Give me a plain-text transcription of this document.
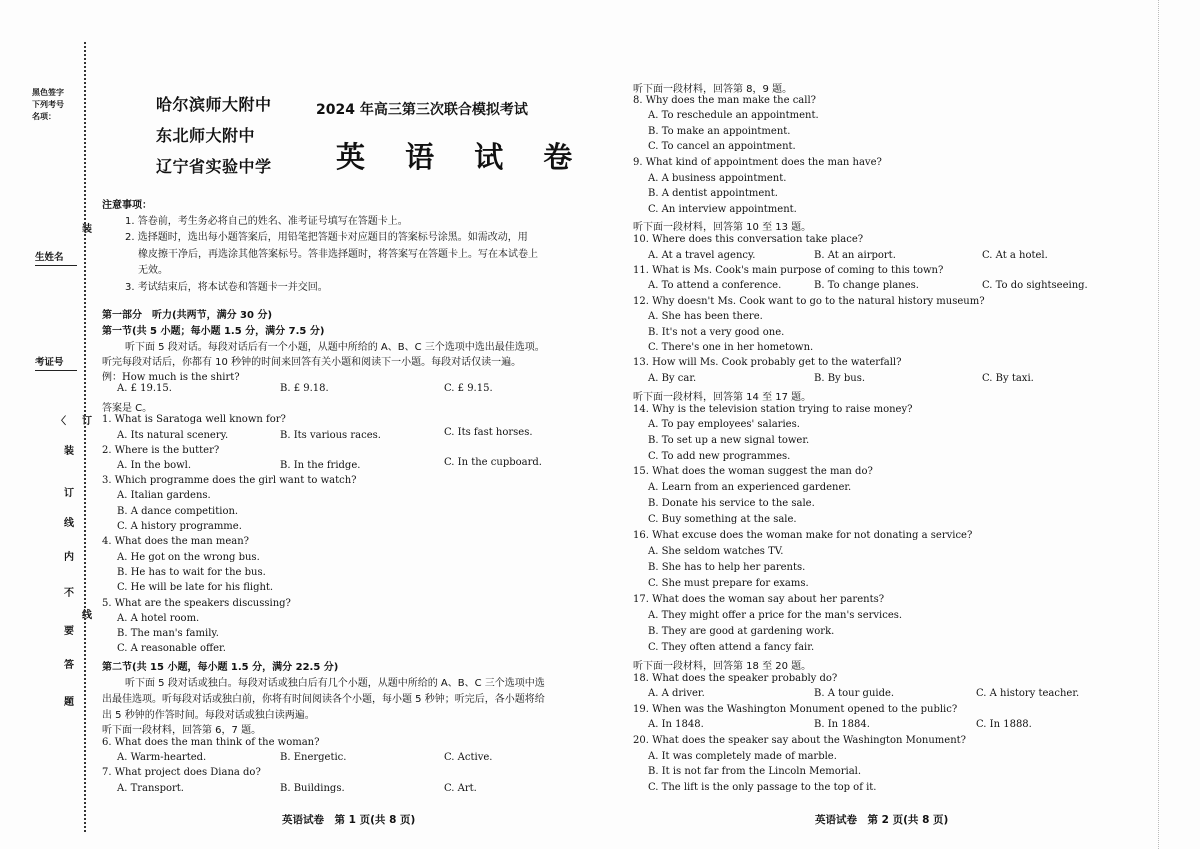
黑色签字
下列考号
名项：
生姓名
考证号
装
〈 订
装
订
线
内
不
线
要
答
题
哈尔滨师大附中
东北师大附中
辽宁省实验中学
2024 年高三第三次联合模拟考试
英 语 试 卷
注意事项：
1. 答卷前，考生务必将自己的姓名、准考证号填写在答题卡上。
2. 选择题时，选出每小题答案后，用铅笔把答题卡对应题目的答案标号涂黑。如需改动，用
橡皮擦干净后，再选涂其他答案标号。答非选择题时，将答案写在答题卡上。写在本试卷上
无效。
3. 考试结束后，将本试卷和答题卡一并交回。
第一部分　听力(共两节，满分 30 分)
第一节(共 5 小题；每小题 1.5 分，满分 7.5 分)
听下面 5 段对话。每段对话后有一个小题，从题中所给的 A、B、C 三个选项中选出最佳选项。
听完每段对话后，你都有 10 秒钟的时间来回答有关小题和阅读下一小题。每段对话仅读一遍。
例：How much is the shirt?
A. £ 19.15.	B. £ 9.18.	C. £ 9.15.
答案是 C。
1. What is Saratoga well known for?
A. Its natural scenery.	B. Its various races.	C. Its fast horses.
2. Where is the butter?
A. In the bowl.	B. In the fridge.	C. In the cupboard.
3. Which programme does the girl want to watch?
A. Italian gardens.
B. A dance competition.
C. A history programme.
4. What does the man mean?
A. He got on the wrong bus.
B. He has to wait for the bus.
C. He will be late for his flight.
5. What are the speakers discussing?
A. A hotel room.
B. The man's family.
C. A reasonable offer.
第二节(共 15 小题，每小题 1.5 分，满分 22.5 分)
听下面 5 段对话或独白。每段对话或独白后有几个小题，从题中所给的 A、B、C 三个选项中选
出最佳选项。听每段对话或独白前，你将有时间阅读各个小题，每小题 5 秒钟；听完后，各小题将给
出 5 秒钟的作答时间。每段对话或独白读两遍。
听下面一段材料，回答第 6，7 题。
6. What does the man think of the woman?
A. Warm-hearted.	B. Energetic.	C. Active.
7. What project does Diana do?
A. Transport.	B. Buildings.	C. Art.
英语试卷　第 1 页(共 8 页)
听下面一段材料，回答第 8，9 题。
8. Why does the man make the call?
A. To reschedule an appointment.
B. To make an appointment.
C. To cancel an appointment.
9. What kind of appointment does the man have?
A. A business appointment.
B. A dentist appointment.
C. An interview appointment.
听下面一段材料，回答第 10 至 13 题。
10. Where does this conversation take place?
A. At a travel agency.	B. At an airport.	C. At a hotel.
11. What is Ms. Cook's main purpose of coming to this town?
A. To attend a conference.	B. To change planes.	C. To do sightseeing.
12. Why doesn't Ms. Cook want to go to the natural history museum?
A. She has been there.
B. It's not a very good one.
C. There's one in her hometown.
13. How will Ms. Cook probably get to the waterfall?
A. By car.	B. By bus.	C. By taxi.
听下面一段材料，回答第 14 至 17 题。
14. Why is the television station trying to raise money?
A. To pay employees' salaries.
B. To set up a new signal tower.
C. To add new programmes.
15. What does the woman suggest the man do?
A. Learn from an experienced gardener.
B. Donate his service to the sale.
C. Buy something at the sale.
16. What excuse does the woman make for not donating a service?
A. She seldom watches TV.
B. She has to help her parents.
C. She must prepare for exams.
17. What does the woman say about her parents?
A. They might offer a price for the man's services.
B. They are good at gardening work.
C. They often attend a fancy fair.
听下面一段材料，回答第 18 至 20 题。
18. What does the speaker probably do?
A. A driver.	B. A tour guide.	C. A history teacher.
19. When was the Washington Monument opened to the public?
A. In 1848.	B. In 1884.	C. In 1888.
20. What does the speaker say about the Washington Monument?
A. It was completely made of marble.
B. It is not far from the Lincoln Memorial.
C. The lift is the only passage to the top of it.
英语试卷　第 2 页(共 8 页)
